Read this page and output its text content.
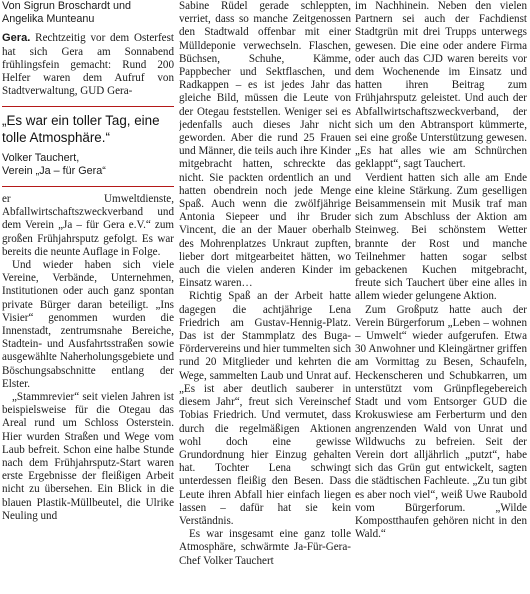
Von Sigrun Broschardt und Angelika Munteanu

Gera. Rechtzeitig vor dem Osterfest hat sich Gera am Sonnabend frühlingsfein gemacht: Rund 200 Helfer waren dem Aufruf von Stadtverwaltung, GUD Gera-

„Es war ein toller Tag, eine tolle Atmosphäre.“

Volker Tauchert,

Verein „Ja – für Gera“

er Umweltdienste, Abfallwirtschaftszweckverband und dem Verein „Ja – für Gera e.V.“ zum großen Frühjahrsputz gefolgt. Es war bereits die neunte Auflage in Folge.

Und wieder haben sich viele Vereine, Verbände, Unternehmen, Institutionen oder auch ganz spontan private Bürger daran beteiligt. „Ins Visier“ genommen wurden die Innenstadt, zentrumsnahe Bereiche, Stadtein- und Ausfahrtsstraßen sowie ausgewählte Naherholungsgebiete und Böschungsabschnitte entlang der Elster.

„Stammrevier“ seit vielen Jahren ist beispielsweise für die Otegau das Areal rund um Schloss Osterstein. Hier wurden Straßen und Wege vom Laub befreit. Schon eine halbe Stunde nach dem Frühjahrsputz-Start waren erste Ergebnisse der fleißigen Arbeit nicht zu übersehen. Ein Blick in die blauen Plastik-Müllbeutel, die Ulrike Neuling und

Sabine Rüdel gerade schleppten, verriet, dass so manche Zeitgenossen den Stadtwald offenbar mit einer Mülldeponie verwechseln. Flaschen, Büchsen, Schuhe, Kämme, Pappbecher und Sektflaschen, und Radkappen – es ist jedes Jahr das gleiche Bild, müssen die Leute von der Otegau feststellen. Weniger sei es jedenfalls auch dieses Jahr nicht geworden. Aber die rund 25 Frauen und Männer, die teils auch ihre Kinder mitgebracht hatten, schreckte das nicht. Sie packten ordentlich an und hatten obendrein noch jede Menge Spaß. Auch wenn die zwölfjährige Antonia Siepeer und ihr Bruder Vincent, die an der Mauer oberhalb des Mohrenplatzes Unkraut zupften, lieber dort mitgearbeitet hätten, wo auch die vielen anderen Kinder im Einsatz waren…

Richtig Spaß an der Arbeit hatte dagegen die achtjährige Lena Friedrich am Gustav-Hennig-Platz. Das ist der Stammplatz des Buga-Fördervereins und hier tummelten sich rund 20 Mitglieder und kehrten die Wege, sammelten Laub und Unrat auf. „Es ist aber deutlich sauberer in diesem Jahr“, freut sich Vereinschef Tobias Friedrich. Und vermutet, dass durch die regelmäßigen Aktionen wohl doch eine gewisse Grundordnung hier Einzug gehalten hat. Tochter Lena schwingt unterdessen fleißig den Besen. Dass Leute ihren Abfall hier einfach liegen lassen – dafür hat sie kein Verständnis.

Es war insgesamt eine ganz tolle Atmosphäre, schwärmte Ja-Für-Gera-Chef Volker Tauchert

im Nachhinein. Neben den vielen Partnern sei auch der Fachdienst Stadtgrün mit drei Trupps unterwegs gewesen. Die eine oder andere Firma oder auch das CJD waren bereits vor dem Wochenende im Einsatz und hatten ihren Beitrag zum Frühjahrsputz geleistet. Und auch der Abfallwirtschaftszweckverband, der sich um den Abtransport kümmerte, sei eine große Unterstützung gewesen. „Es hat alles wie am Schnürchen geklappt“, sagt Tauchert.

Verdient hatten sich alle am Ende eine kleine Stärkung. Zum geselligen Beisammensein mit Musik traf man sich zum Abschluss der Aktion am Steinweg. Bei schönstem Wetter brannte der Rost und manche Teilnehmer hatten sogar selbst gebackenen Kuchen mitgebracht, freute sich Tauchert über eine alles in allem wieder gelungene Aktion.

Zum Großputz hatte auch der Verein Bürgerforum „Leben – wohnen – Umwelt“ wieder aufgerufen. Etwa 30 Anwohner und Kleingärtner griffen am Vormittag zu Besen, Schaufeln, Heckenscheren und Schubkarren, um unterstützt vom Grünpflegebereich Stadt und vom Entsorger GUD die Krokuswiese am Ferberturm und den angrenzenden Wald von Unrat und Wildwuchs zu befreien. Seit der Verein dort alljährlich „putzt“, habe sich das Grün gut entwickelt, sagten die städtischen Fachleute. „Zu tun gibt es aber noch viel“, weiß Uwe Raubold vom Bürgerforum. „Wilde Kompostthaufen gehören nicht in den Wald.“
